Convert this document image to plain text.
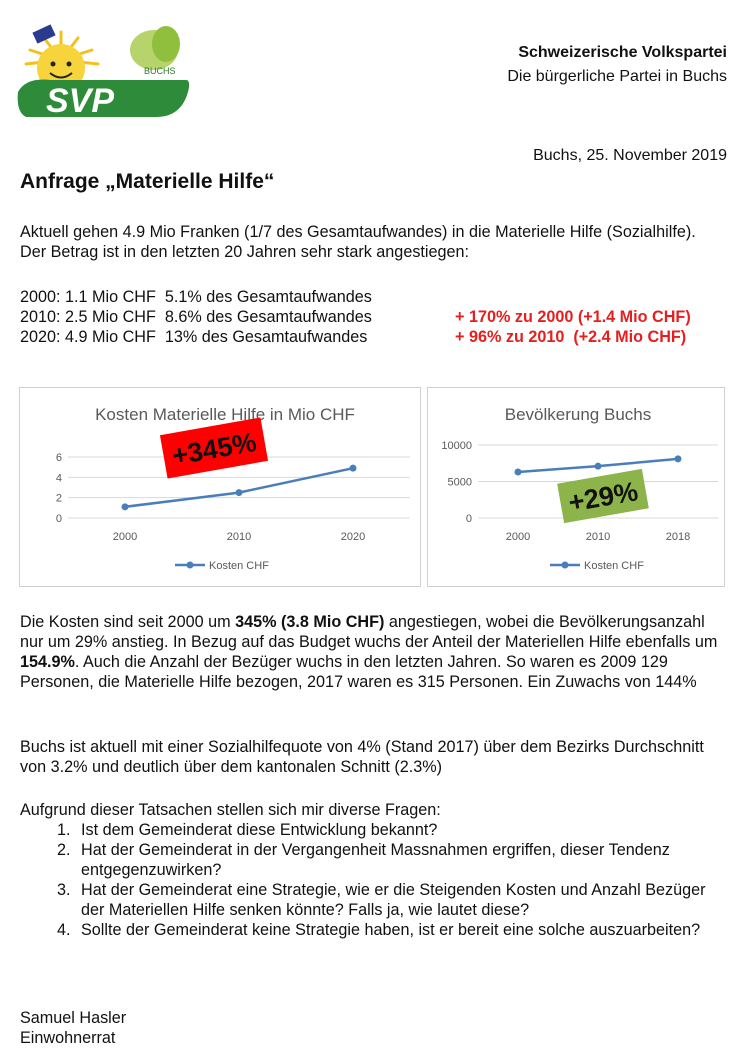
BUCHS
SVP
Schweizerische Volkspartei
Die bürgerliche Partei in Buchs
Buchs, 25. November 2019
Anfrage „Materielle Hilfe“
Aktuell gehen 4.9 Mio Franken (1/7 des Gesamtaufwandes) in die Materielle Hilfe (Sozialhilfe). Der Betrag ist in den letzten 20 Jahren sehr stark angestiegen:
2000: 1.1 Mio CHF  5.1% des Gesamtaufwandes
2010: 2.5 Mio CHF  8.6% des Gesamtaufwandes	+ 170% zu 2000 (+1.4 Mio CHF)
2020: 4.9 Mio CHF  13% des Gesamtaufwandes	+ 96% zu 2010  (+2.4 Mio CHF)
Kosten Materielle Hilfe in Mio CHF
0
2
4
6
2000	2010	2020
Kosten CHF
+345%
Bevölkerung Buchs
0
5000
10000
2000	2010	2018
Kosten CHF
+29%
Die Kosten sind seit 2000 um 345% (3.8 Mio CHF) angestiegen, wobei die Bevölkerungsanzahl nur um 29% anstieg. In Bezug auf das Budget wuchs der Anteil der Materiellen Hilfe ebenfalls um 154.9%. Auch die Anzahl der Bezüger wuchs in den letzten Jahren. So waren es 2009 129 Personen, die Materielle Hilfe bezogen, 2017 waren es 315 Personen. Ein Zuwachs von 144%
Buchs ist aktuell mit einer Sozialhilfequote von 4% (Stand 2017) über dem Bezirks Durchschnitt von 3.2% und deutlich über dem kantonalen Schnitt (2.3%)
Aufgrund dieser Tatsachen stellen sich mir diverse Fragen:
1. Ist dem Gemeinderat diese Entwicklung bekannt?
2. Hat der Gemeinderat in der Vergangenheit Massnahmen ergriffen, dieser Tendenz entgegenzuwirken?
3. Hat der Gemeinderat eine Strategie, wie er die Steigenden Kosten und Anzahl Bezüger der Materiellen Hilfe senken könnte? Falls ja, wie lautet diese?
4. Sollte der Gemeinderat keine Strategie haben, ist er bereit eine solche auszuarbeiten?
Samuel Hasler
Einwohnerrat
